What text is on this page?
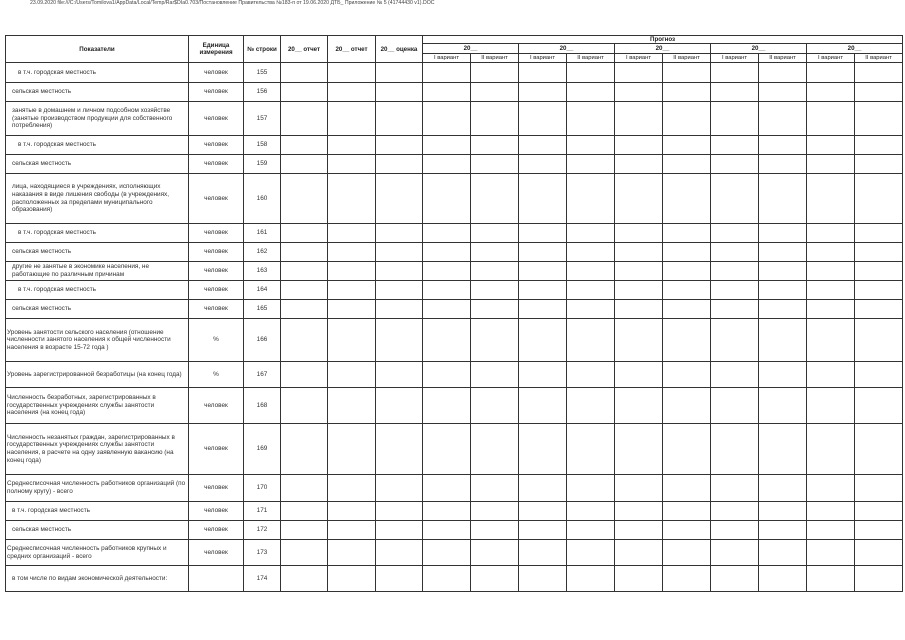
23.09.2020 file:///C:/Users/Tomilova1/AppData/Local/Temp/Rar$DIa0.703/Постановление Правительства №183-п от 19.06.2020 ДТБ_ Приложение № 5 (41744430 v1).DOC
Показатели	Единица измерения	№ строки	20__ отчет	20__ отчет	20__ оценка	Прогноз									
						20__		20__		20__		20__		20__	
						I вариант	II вариант	I вариант	II вариант	I вариант	II вариант	I вариант	II вариант	I вариант	II вариант
в т.ч. городская местность	человек	155													
сельская местность	человек	156													
занятые в домашнем и личном подсобном хозяйстве (занятые производством продукции для собственного потребления)	человек	157													
в т.ч. городская местность	человек	158													
сельская местность	человек	159													
лица, находящиеся в учреждениях, исполняющих наказания в виде лишения свободы (в учреждениях, расположенных за пределами муниципального образования)	человек	160													
в т.ч. городская местность	человек	161													
сельская местность	человек	162													
другие не занятые в экономике населения, не работающие по различным причинам	человек	163													
в т.ч. городская местность	человек	164													
сельская местность	человек	165													
Уровень занятости сельского населения (отношение численности занятого населения к общей численности населения в возрасте 15-72 года )	%	166													
Уровень зарегистрированной безработицы (на конец года)	%	167													
Численность безработных, зарегистрированных в государственных учреждениях службы занятости населения (на конец года)	человек	168													
Численность незанятых граждан, зарегистрированных в государственных учреждениях службы занятости населения, в расчете на одну заявленную вакансию (на конец года)	человек	169													
Среднесписочная численность работников организаций (по полному кругу) - всего	человек	170													
в т.ч. городская местность	человек	171													
сельская местность	человек	172													
Среднесписочная численность работников крупных и средних организаций - всего	человек	173													
в том числе по видам экономической деятельности:		174													
